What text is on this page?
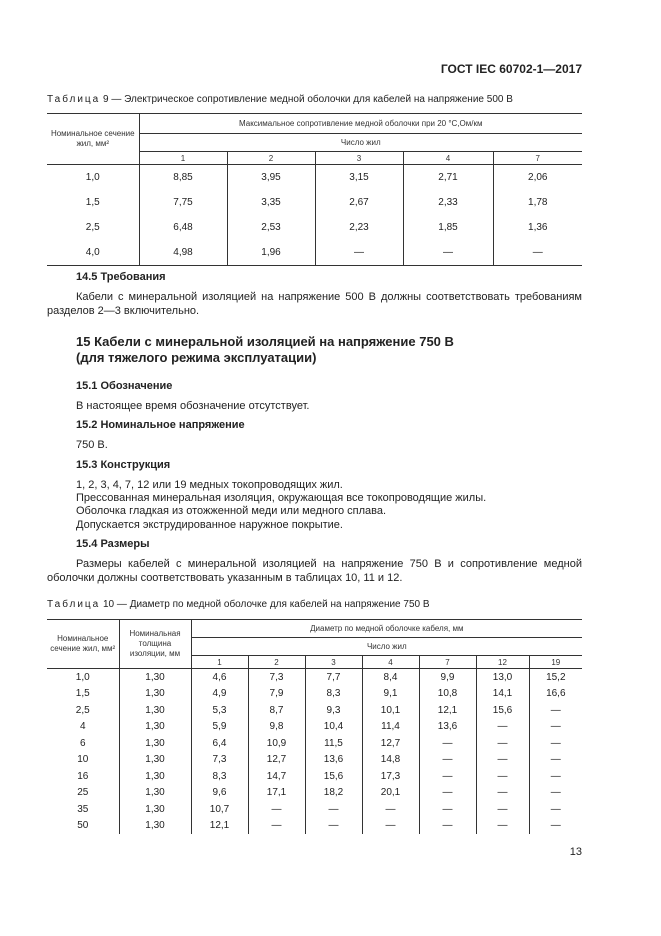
ГОСТ IEC 60702-1—2017
Таблица 9 — Электрическое сопротивление медной оболочки для кабелей на напряжение 500 В
Номинальное сечение жил, мм²	Максимальное сопротивление медной оболочки при 20 °С,Ом/км				
	Число жил				
	1	2	3	4	7
1,0	8,85	3,95	3,15	2,71	2,06
1,5	7,75	3,35	2,67	2,33	1,78
2,5	6,48	2,53	2,23	1,85	1,36
4,0	4,98	1,96	—	—	—
14.5 Требования
Кабели с минеральной изоляцией на напряжение 500 В должны соответствовать требованиям
разделов 2—3 включительно.
15 Кабели с минеральной изоляцией на напряжение 750 В
(для тяжелого режима эксплуатации)
15.1 Обозначение
В настоящее время обозначение отсутствует.
15.2 Номинальное напряжение
750 В.
15.3 Конструкция
1, 2, 3, 4, 7, 12 или 19 медных токопроводящих жил.
Прессованная минеральная изоляция, окружающая все токопроводящие жилы.
Оболочка гладкая из отожженной меди или медного сплава.
Допускается экструдированное наружное покрытие.
15.4 Размеры
Размеры кабелей с минеральной изоляцией на напряжение 750 В и сопротивление медной
оболочки должны соответствовать указанным в таблицах 10, 11 и 12.
Таблица 10 — Диаметр по медной оболочке для кабелей на напряжение 750 В
Номинальное сечение жил, мм²	Номинальная толщина изоляции, мм	Диаметр по медной оболочке кабеля, мм						
		Число жил						
		1	2	3	4	7	12	19
1,0	1,30	4,6	7,3	7,7	8,4	9,9	13,0	15,2
1,5	1,30	4,9	7,9	8,3	9,1	10,8	14,1	16,6
2,5	1,30	5,3	8,7	9,3	10,1	12,1	15,6	—
4	1,30	5,9	9,8	10,4	11,4	13,6	—	—
6	1,30	6,4	10,9	11,5	12,7	—	—	—
10	1,30	7,3	12,7	13,6	14,8	—	—	—
16	1,30	8,3	14,7	15,6	17,3	—	—	—
25	1,30	9,6	17,1	18,2	20,1	—	—	—
35	1,30	10,7	—	—	—	—	—	—
50	1,30	12,1	—	—	—	—	—	—
13
